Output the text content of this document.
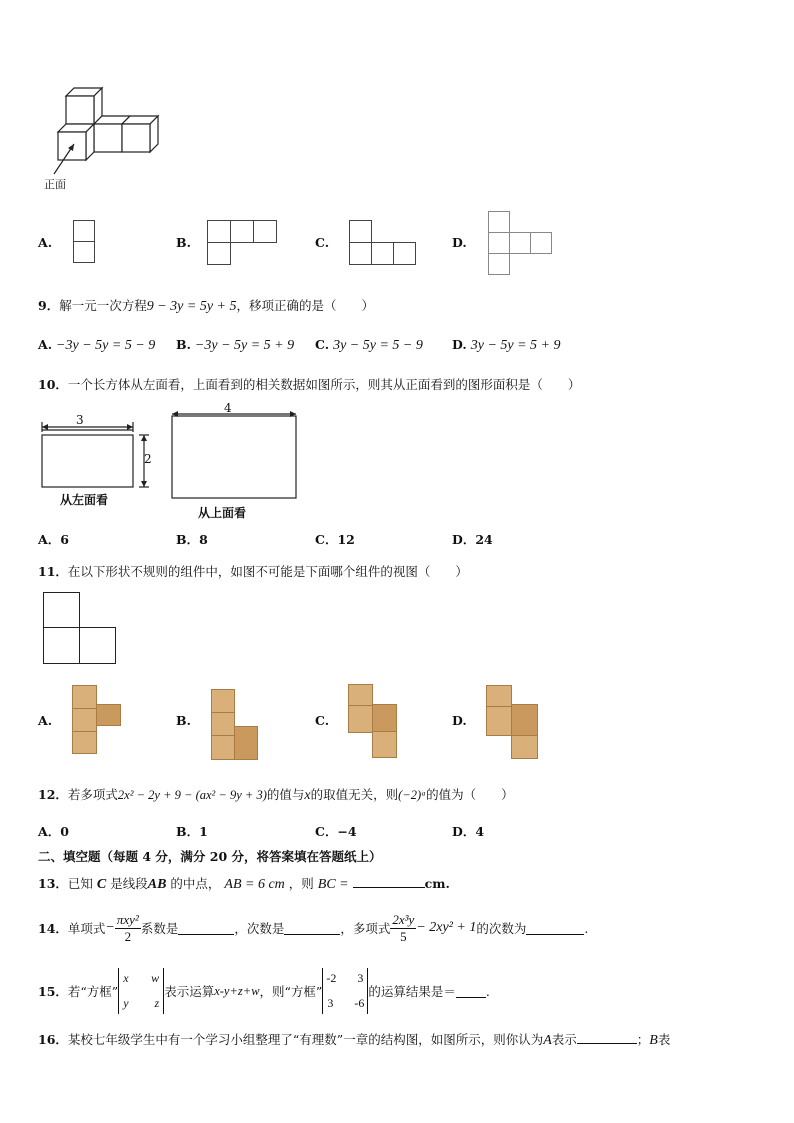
正面
A.	B.	C.	D.
9．解一元一次方程9 − 3y = 5y + 5，移项正确的是（　　）
A. −3y − 5y = 5 − 9 B. −3y − 5y = 5 + 9 C. 3y − 5y = 5 − 9 D. 3y − 5y = 5 + 9
10．一个长方体从左面看，上面看到的相关数据如图所示，则其从正面看到的图形面积是（　　）
3
2
从左面看
4
从上面看
A．6	B．8	C．12	D．24
11．在以下形状不规则的组件中，如图不可能是下面哪个组件的视图（　　）
A.	B.	C.	D.
12．若多项式2x² − 2y + 9 − (ax² − 9y + 3)的值与x的取值无关，则(−2)ᵃ的值为（　　）
A．0	B．1	C．−4	D．4
二、填空题（每题 4 分，满分 20 分，将答案填在答题纸上）
13．已知 C 是线段AB 的中点， AB = 6 cm ，则 BC =	cm.
14． 单项式 − $\frac{\text{πxy²}}{2}$ 系数是	，次数是	，多项式 $\frac{\text{2x³y}}{5} - 2xy^2 + 1$ 的次数为	.
15． 若“方框”
x w
y z
表示运算 x-y+z+w ，则“方框”
-2 3
3 -6
的运算结果是＝ .
16．某校七年级学生中有一个学习小组整理了“有理数”一章的结构图，如图所示，则你认为A表示	；B表
